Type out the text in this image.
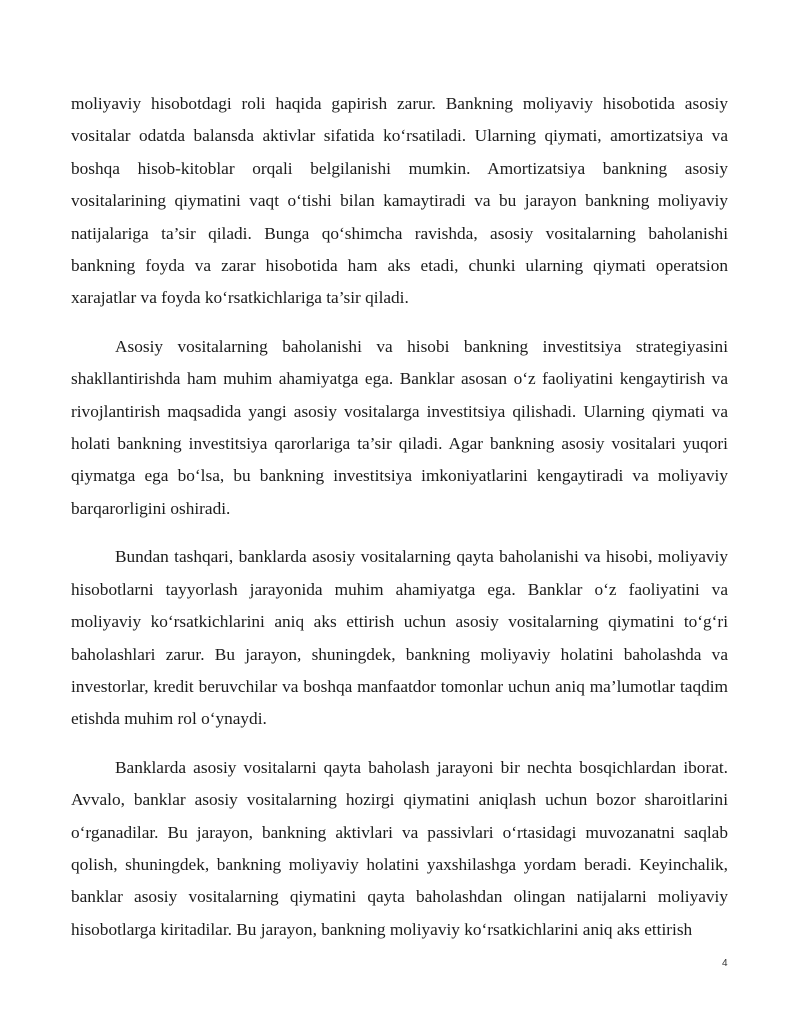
moliyaviy hisobotdagi roli haqida gapirish zarur. Bankning moliyaviy hisobotida asosiy vositalar odatda balansda aktivlar sifatida ko‘rsatiladi. Ularning qiymati, amortizatsiya va boshqa hisob-kitoblar orqali belgilanishi mumkin. Amortizatsiya bankning asosiy vositalarining qiymatini vaqt o‘tishi bilan kamaytiradi va bu jarayon bankning moliyaviy natijalariga ta’sir qiladi. Bunga qo‘shimcha ravishda, asosiy vositalarning baholanishi bankning foyda va zarar hisobotida ham aks etadi, chunki ularning qiymati operatsion xarajatlar va foyda ko‘rsatkichlariga ta’sir qiladi.

Asosiy vositalarning baholanishi va hisobi bankning investitsiya strategiyasini shakllantirishda ham muhim ahamiyatga ega. Banklar asosan o‘z faoliyatini kengaytirish va rivojlantirish maqsadida yangi asosiy vositalarga investitsiya qilishadi. Ularning qiymati va holati bankning investitsiya qarorlariga ta’sir qiladi. Agar bankning asosiy vositalari yuqori qiymatga ega bo‘lsa, bu bankning investitsiya imkoniyatlarini kengaytiradi va moliyaviy barqarorligini oshiradi.

Bundan tashqari, banklarda asosiy vositalarning qayta baholanishi va hisobi, moliyaviy hisobotlarni tayyorlash jarayonida muhim ahamiyatga ega. Banklar o‘z faoliyatini va moliyaviy ko‘rsatkichlarini aniq aks ettirish uchun asosiy vositalarning qiymatini to‘g‘ri baholashlari zarur. Bu jarayon, shuningdek, bankning moliyaviy holatini baholashda va investorlar, kredit beruvchilar va boshqa manfaatdor tomonlar uchun aniq ma’lumotlar taqdim etishda muhim rol o‘ynaydi.

Banklarda asosiy vositalarni qayta baholash jarayoni bir nechta bosqichlardan iborat. Avvalo, banklar asosiy vositalarning hozirgi qiymatini aniqlash uchun bozor sharoitlarini o‘rganadilar. Bu jarayon, bankning aktivlari va passivlari o‘rtasidagi muvozanatni saqlab qolish, shuningdek, bankning moliyaviy holatini yaxshilashga yordam beradi. Keyinchalik, banklar asosiy vositalarning qiymatini qayta baholashdan olingan natijalarni moliyaviy hisobotlarga kiritadilar. Bu jarayon, bankning moliyaviy ko‘rsatkichlarini aniq aks ettirish

4
